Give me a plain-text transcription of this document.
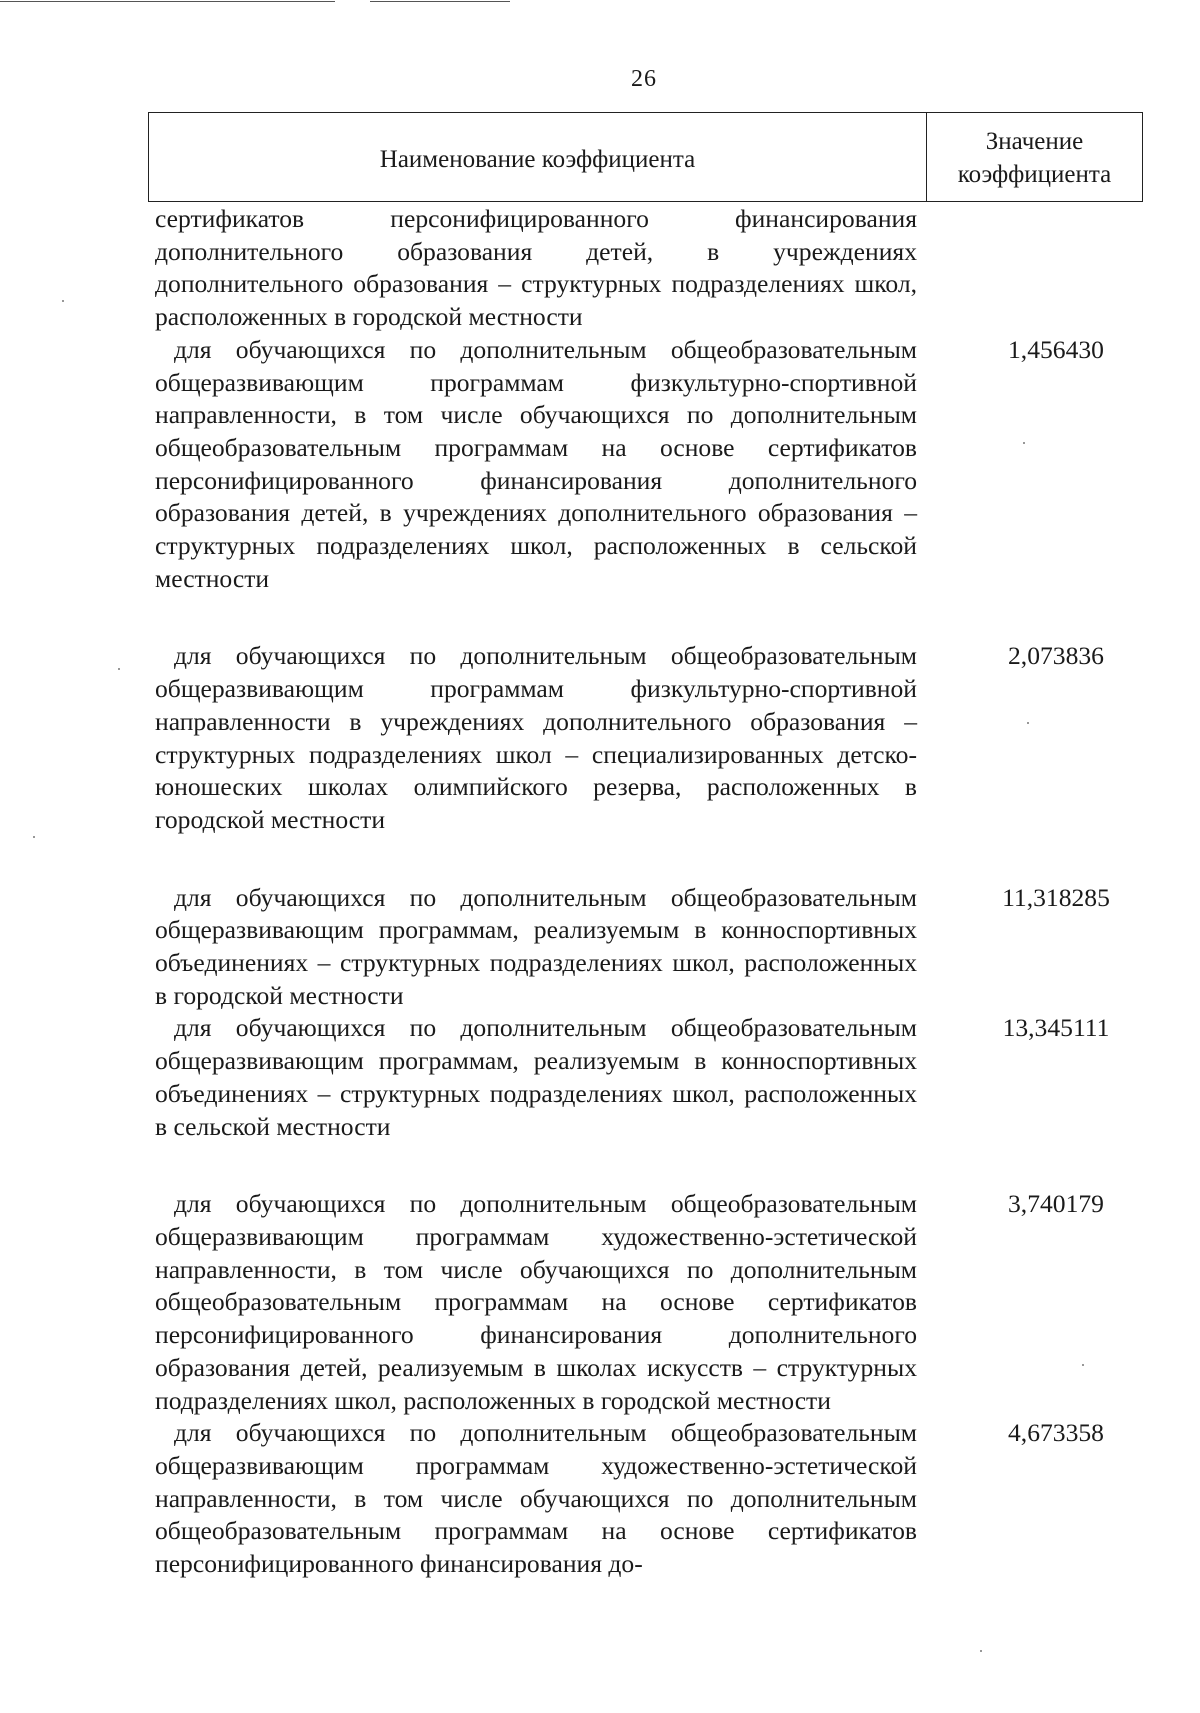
26
Наименование коэффициента
Значение
коэффициента
сертификатов персонифицированного финансирования дополнительного образования детей, в учреждениях дополнительного образования – структурных подразделениях школ, расположенных в городской местности
для обучающихся по дополнительным общеобразовательным общеразвивающим программам физкультурно-спортивной направленности, в том числе обучающихся по дополнительным общеобразовательным программам на основе сертификатов персонифицированного финансирования дополнительного образования детей, в учреждениях дополнительного образования – структурных подразделениях школ, расположенных в сельской местности
1,456430
для обучающихся по дополнительным общеобразовательным общеразвивающим программам физкультурно-спортивной направленности в учреждениях дополнительного образования – структурных подразделениях школ – специализированных детско-юношеских школах олимпийского резерва, расположенных в городской местности
2,073836
для обучающихся по дополнительным общеобразовательным общеразвивающим программам, реализуемым в конноспортивных объединениях – структурных подразделениях школ, расположенных в городской местности
11,318285
для обучающихся по дополнительным общеобразовательным общеразвивающим программам, реализуемым в конноспортивных объединениях – структурных подразделениях школ, расположенных в сельской местности
13,345111
для обучающихся по дополнительным общеобразовательным общеразвивающим программам художественно-эстетической направленности, в том числе обучающихся по дополнительным общеобразовательным программам на основе сертификатов персонифицированного финансирования дополнительного образования детей, реализуемым в школах искусств – структурных подразделениях школ, расположенных в городской местности
3,740179
для обучающихся по дополнительным общеобразовательным общеразвивающим программам художественно-эстетической направленности, в том числе обучающихся по дополнительным общеобразовательным программам на основе сертификатов персонифицированного финансирования до-
4,673358
